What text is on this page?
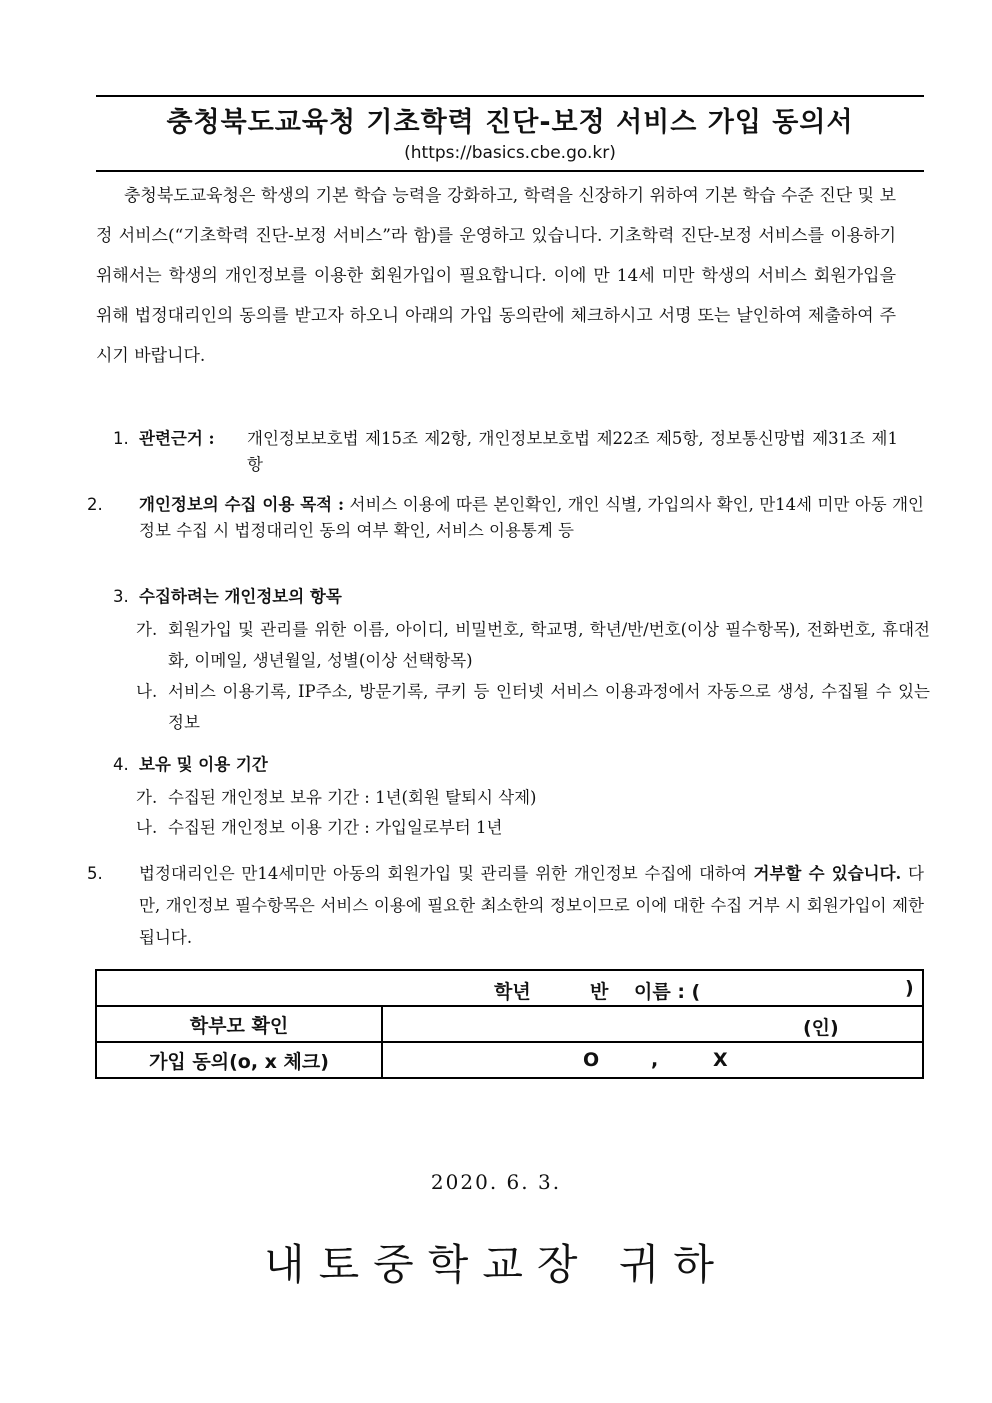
충청북도교육청 기초학력 진단-보정 서비스 가입 동의서
(https://basics.cbe.go.kr)

충청북도교육청은 학생의 기본 학습 능력을 강화하고, 학력을 신장하기 위하여 기본 학습 수준 진단 및 보정 서비스(“기초학력 진단-보정 서비스”라 함)를 운영하고 있습니다. 기초학력 진단-보정 서비스를 이용하기 위해서는 학생의 개인정보를 이용한 회원가입이 필요합니다. 이에 만 14세 미만 학생의 서비스 회원가입을 위해 법정대리인의 동의를 받고자 하오니 아래의 가입 동의란에 체크하시고 서명 또는 날인하여 제출하여 주시기 바랍니다.

1. 관련근거 :	개인정보보호법 제15조 제2항, 개인정보보호법 제22조 제5항, 정보통신망법 제31조 제1항
2. 개인정보의 수집 이용 목적 : 서비스 이용에 따른 본인확인, 개인 식별, 가입의사 확인, 만14세 미만 아동 개인정보 수집 시 법정대리인 동의 여부 확인, 서비스 이용통계 등
3. 수집하려는 개인정보의 항목

가. 회원가입 및 관리를 위한 이름, 아이디, 비밀번호, 학교명, 학년/반/번호(이상 필수항목), 전화번호, 휴대전화, 이메일, 생년월일, 성별(이상 선택항목)

나. 서비스 이용기록, IP주소, 방문기록, 쿠키 등 인터넷 서비스 이용과정에서 자동으로 생성, 수집될 수 있는 정보

4. 보유 및 이용 기간

가. 수집된 개인정보 보유 기간 : 1년(회원 탈퇴시 삭제)

나. 수집된 개인정보 이용 기간 : 가입일로부터 1년

5. 법정대리인은 만14세미만 아동의 회원가입 및 관리를 위한 개인정보 수집에 대하여 거부할 수 있습니다. 다만, 개인정보 필수항목은 서비스 이용에 필요한 최소한의 정보이므로 이에 대한 수집 거부 시 회원가입이 제한됩니다.
학년 반 이름 : ( )	

학부모 확인	(인)

가입 동의(o, x 체크)	O , X
2020. 6. 3.
내토중학교장 귀하
